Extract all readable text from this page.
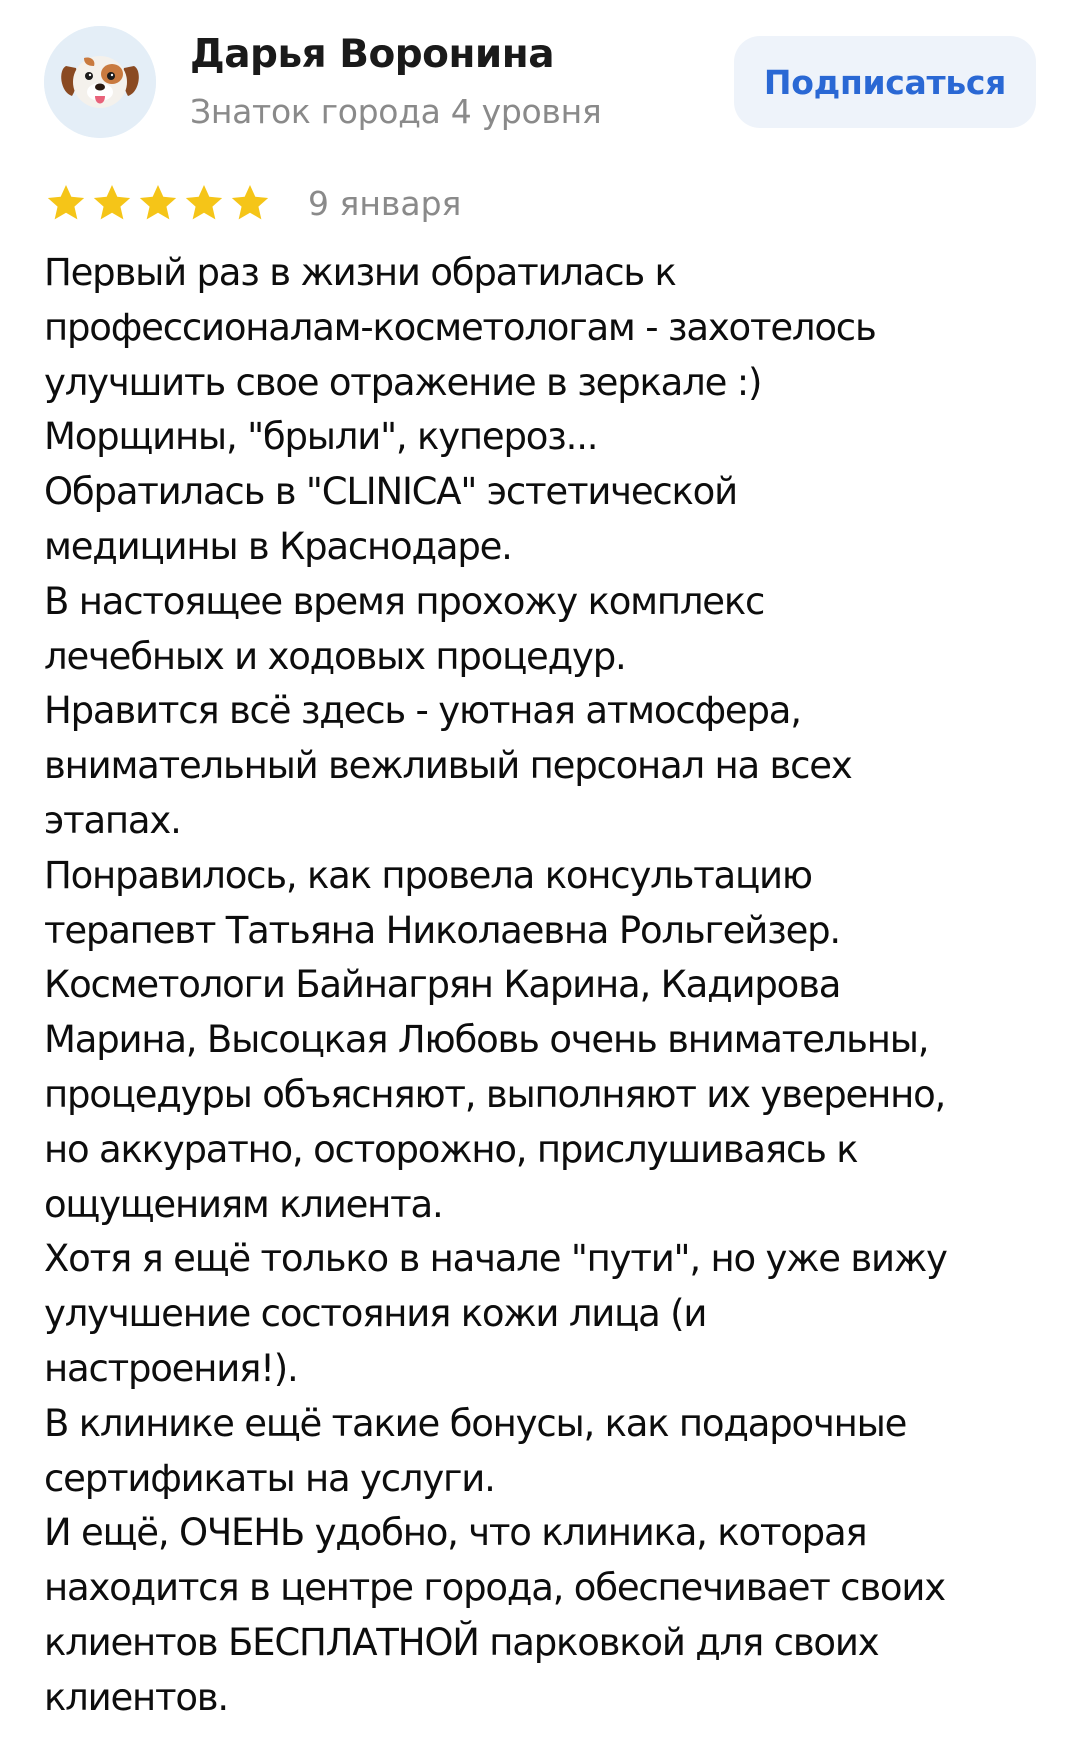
Дарья Воронина
Знаток города 4 уровня
Подписаться
9 января
Первый раз в жизни обратилась к
профессионалам-косметологам - захотелось
улучшить свое отражение в зеркале :)
Морщины, "брыли", купероз...
Обратилась в "CLINICA" эстетической
медицины в Краснодаре.
В настоящее время прохожу комплекс
лечебных и ходовых процедур.
Нравится всё здесь - уютная атмосфера,
внимательный вежливый персонал на всех
этапах.
Понравилось, как провела консультацию
терапевт Татьяна Николаевна Рольгейзер.
Косметологи Байнагрян Карина, Кадирова
Марина, Высоцкая Любовь очень внимательны,
процедуры объясняют, выполняют их уверенно,
но аккуратно, осторожно, прислушиваясь к
ощущениям клиента.
Хотя я ещё только в начале "пути", но уже вижу
улучшение состояния кожи лица (и
настроения!).
В клинике ещё такие бонусы, как подарочные
сертификаты на услуги.
И ещё, ОЧЕНЬ удобно, что клиника, которая
находится в центре города, обеспечивает своих
клиентов БЕСПЛАТНОЙ парковкой для своих
клиентов.
